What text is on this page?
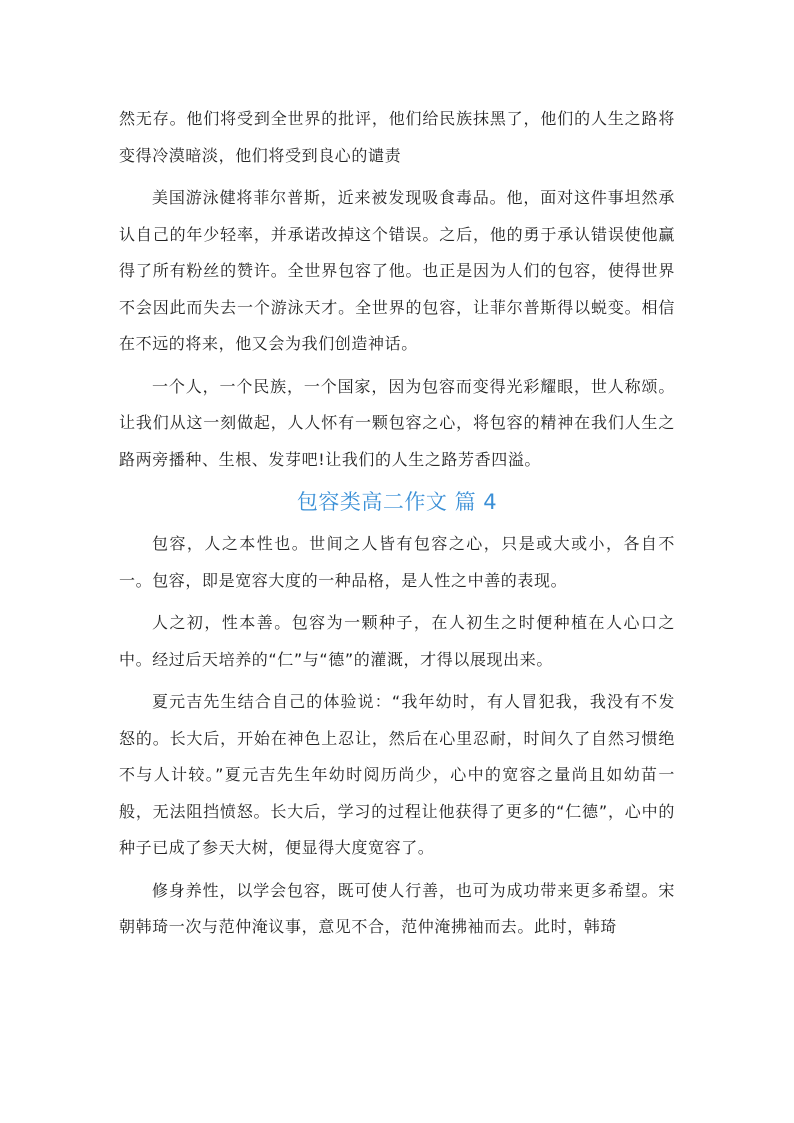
然无存。他们将受到全世界的批评，他们给民族抹黑了，他们的人生之路将变得冷漠暗淡，他们将受到良心的谴责

美国游泳健将菲尔普斯，近来被发现吸食毒品。他，面对这件事坦然承认自己的年少轻率，并承诺改掉这个错误。之后，他的勇于承认错误使他赢得了所有粉丝的赞许。全世界包容了他。也正是因为人们的包容，使得世界不会因此而失去一个游泳天才。全世界的包容，让菲尔普斯得以蜕变。相信在不远的将来，他又会为我们创造神话。

一个人，一个民族，一个国家，因为包容而变得光彩耀眼，世人称颂。让我们从这一刻做起，人人怀有一颗包容之心，将包容的精神在我们人生之路两旁播种、生根、发芽吧!让我们的人生之路芳香四溢。

包容类高二作文 篇 4

包容，人之本性也。世间之人皆有包容之心，只是或大或小，各自不一。包容，即是宽容大度的一种品格，是人性之中善的表现。

人之初，性本善。包容为一颗种子，在人初生之时便种植在人心口之中。经过后天培养的“仁”与“德”的灌溉，才得以展现出来。

夏元吉先生结合自己的体验说：“我年幼时，有人冒犯我，我没有不发怒的。长大后，开始在神色上忍让，然后在心里忍耐，时间久了自然习惯绝不与人计较。”夏元吉先生年幼时阅历尚少，心中的宽容之量尚且如幼苗一般，无法阻挡愤怒。长大后，学习的过程让他获得了更多的“仁德”，心中的种子已成了参天大树，便显得大度宽容了。

修身养性，以学会包容，既可使人行善，也可为成功带来更多希望。宋朝韩琦一次与范仲淹议事，意见不合，范仲淹拂袖而去。此时，韩琦
